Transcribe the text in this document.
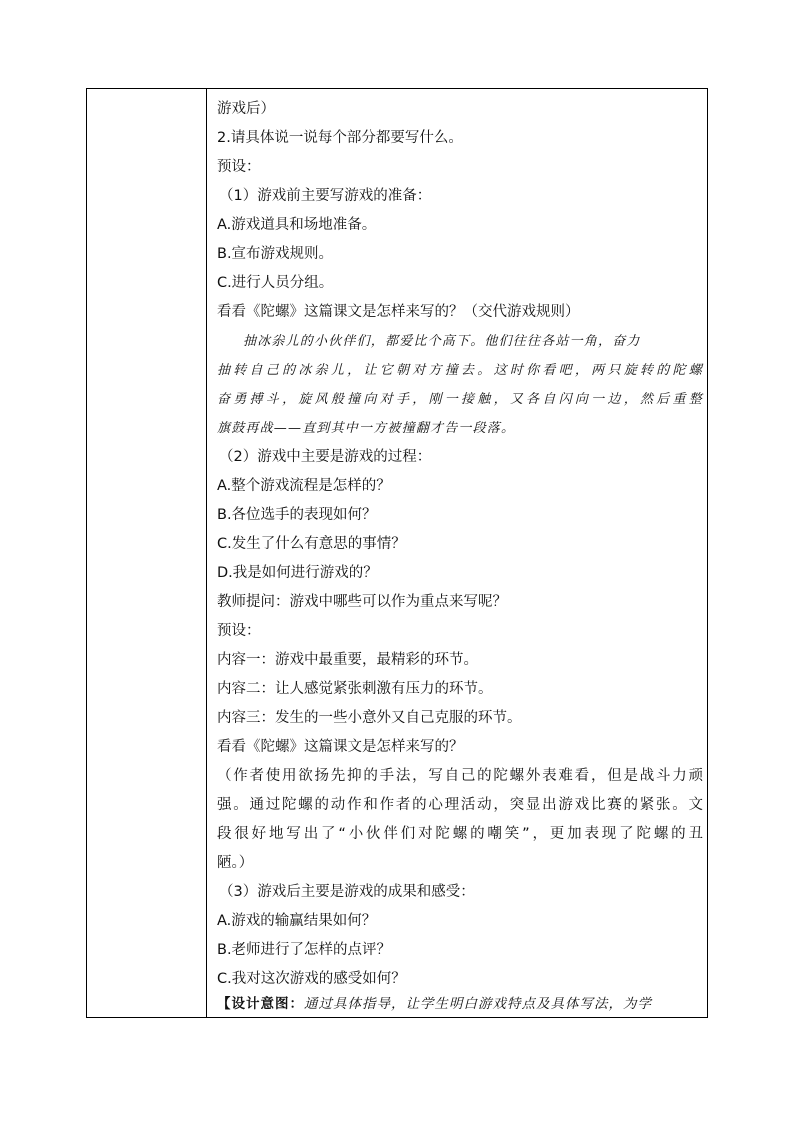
游戏后）
2.请具体说一说每个部分都要写什么。
预设：
（1）游戏前主要写游戏的准备：
A.游戏道具和场地准备。
B.宣布游戏规则。
C.进行人员分组。
看看《陀螺》这篇课文是怎样来写的？（交代游戏规则）
抽冰尜儿的小伙伴们，都爱比个高下。他们往往各站一角，奋力
抽转自己的冰尜儿，让它朝对方撞去。这时你看吧，两只旋转的陀螺
奋勇搏斗，旋风般撞向对手，刚一接触，又各自闪向一边，然后重整
旗鼓再战——直到其中一方被撞翻才告一段落。
（2）游戏中主要是游戏的过程：
A.整个游戏流程是怎样的？
B.各位选手的表现如何？
C.发生了什么有意思的事情？
D.我是如何进行游戏的？
教师提问：游戏中哪些可以作为重点来写呢？
预设：
内容一：游戏中最重要，最精彩的环节。
内容二：让人感觉紧张刺激有压力的环节。
内容三：发生的一些小意外又自己克服的环节。
看看《陀螺》这篇课文是怎样来写的？
（作者使用欲扬先抑的手法，写自己的陀螺外表难看，但是战斗力顽
强。通过陀螺的动作和作者的心理活动，突显出游戏比赛的紧张。文
段很好地写出了“小伙伴们对陀螺的嘲笑”，更加表现了陀螺的丑
陋。）
（3）游戏后主要是游戏的成果和感受：
A.游戏的输赢结果如何？
B.老师进行了怎样的点评？
C.我对这次游戏的感受如何？
【设计意图：通过具体指导，让学生明白游戏特点及具体写法，为学
